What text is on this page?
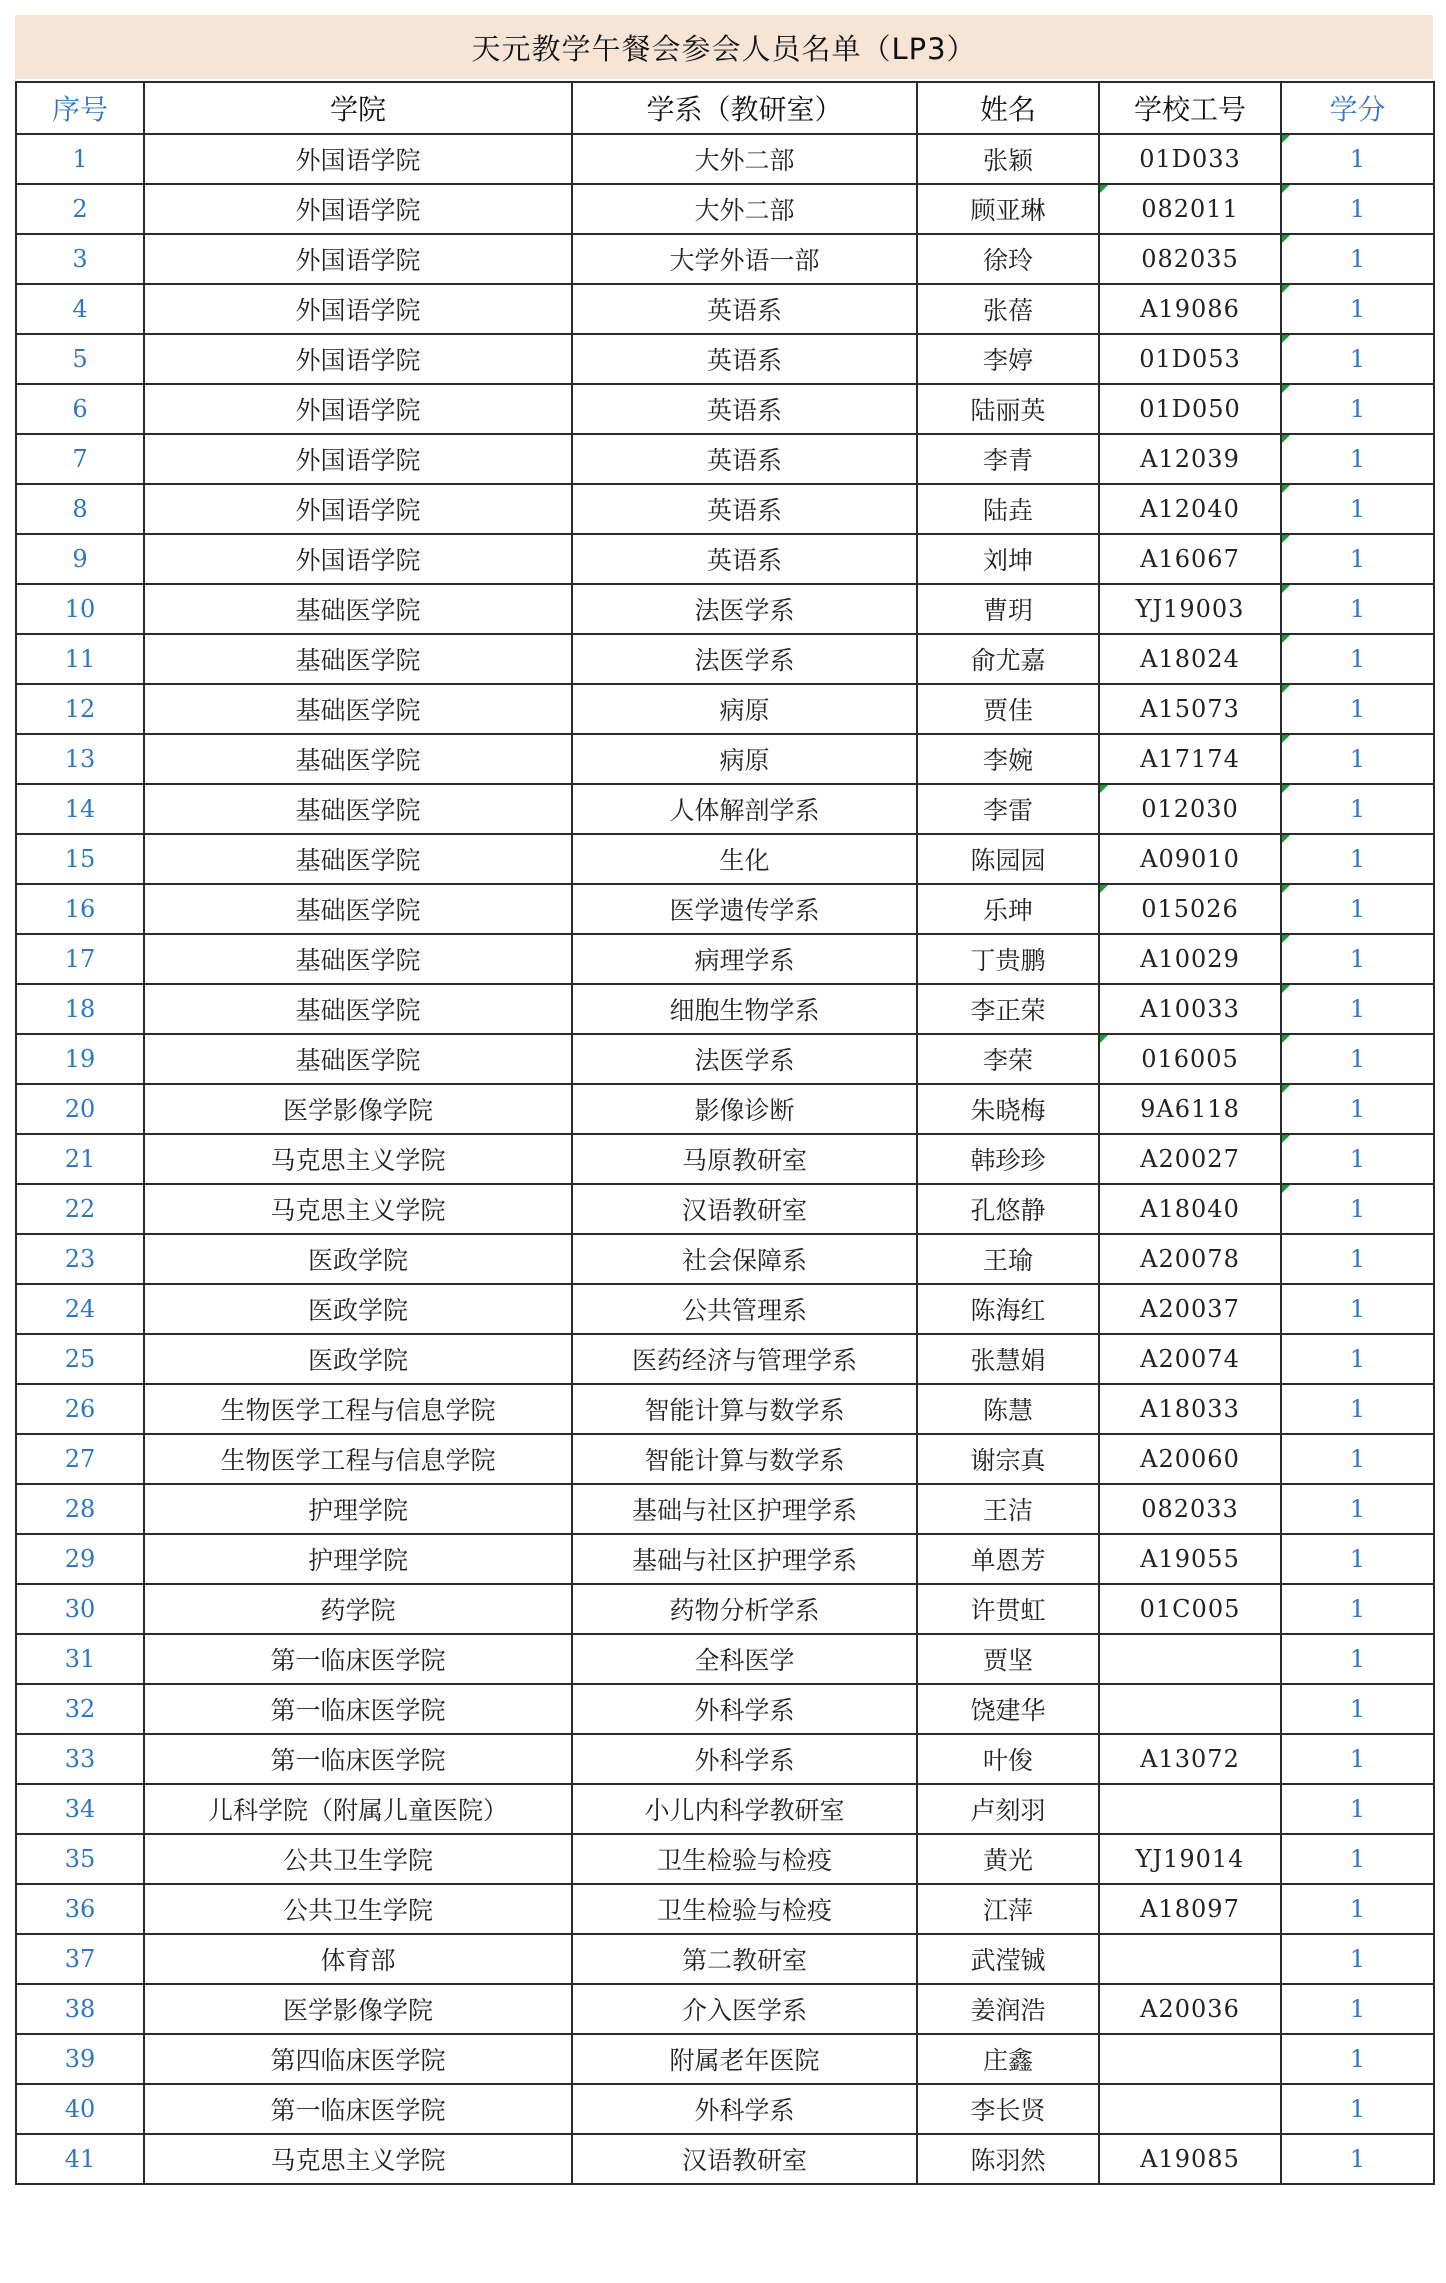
天元教学午餐会参会人员名单（LP3）
序号	学院	学系（教研室）	姓名	学校工号	学分
1	外国语学院	大外二部	张颖	01D033	1

2	外国语学院	大外二部	顾亚琳	082011	1

3	外国语学院	大学外语一部	徐玲	082035	1

4	外国语学院	英语系	张蓓	A19086	1

5	外国语学院	英语系	李婷	01D053	1

6	外国语学院	英语系	陆丽英	01D050	1

7	外国语学院	英语系	李青	A12039	1

8	外国语学院	英语系	陆垚	A12040	1

9	外国语学院	英语系	刘坤	A16067	1

10	基础医学院	法医学系	曹玥	YJ19003	1

11	基础医学院	法医学系	俞尤嘉	A18024	1

12	基础医学院	病原	贾佳	A15073	1

13	基础医学院	病原	李婉	A17174	1

14	基础医学院	人体解剖学系	李雷	012030	1

15	基础医学院	生化	陈园园	A09010	1

16	基础医学院	医学遗传学系	乐珅	015026	1

17	基础医学院	病理学系	丁贵鹏	A10029	1

18	基础医学院	细胞生物学系	李正荣	A10033	1

19	基础医学院	法医学系	李荣	016005	1

20	医学影像学院	影像诊断	朱晓梅	9A6118	1

21	马克思主义学院	马原教研室	韩珍珍	A20027	1

22	马克思主义学院	汉语教研室	孔悠静	A18040	1

23	医政学院	社会保障系	王瑜	A20078	1
24	医政学院	公共管理系	陈海红	A20037	1
25	医政学院	医药经济与管理学系	张慧娟	A20074	1
26	生物医学工程与信息学院	智能计算与数学系	陈慧	A18033	1
27	生物医学工程与信息学院	智能计算与数学系	谢宗真	A20060	1
28	护理学院	基础与社区护理学系	王洁	082033	1
29	护理学院	基础与社区护理学系	单恩芳	A19055	1
30	药学院	药物分析学系	许贯虹	01C005	1
31	第一临床医学院	全科医学	贾坚		1
32	第一临床医学院	外科学系	饶建华		1
33	第一临床医学院	外科学系	叶俊	A13072	1
34	儿科学院（附属儿童医院）	小儿内科学教研室	卢刻羽		1
35	公共卫生学院	卫生检验与检疫	黄光	YJ19014	1
36	公共卫生学院	卫生检验与检疫	江萍	A18097	1
37	体育部	第二教研室	武滢铖		1
38	医学影像学院	介入医学系	姜润浩	A20036	1
39	第四临床医学院	附属老年医院	庄鑫		1
40	第一临床医学院	外科学系	李长贤		1
41	马克思主义学院	汉语教研室	陈羽然	A19085	1
